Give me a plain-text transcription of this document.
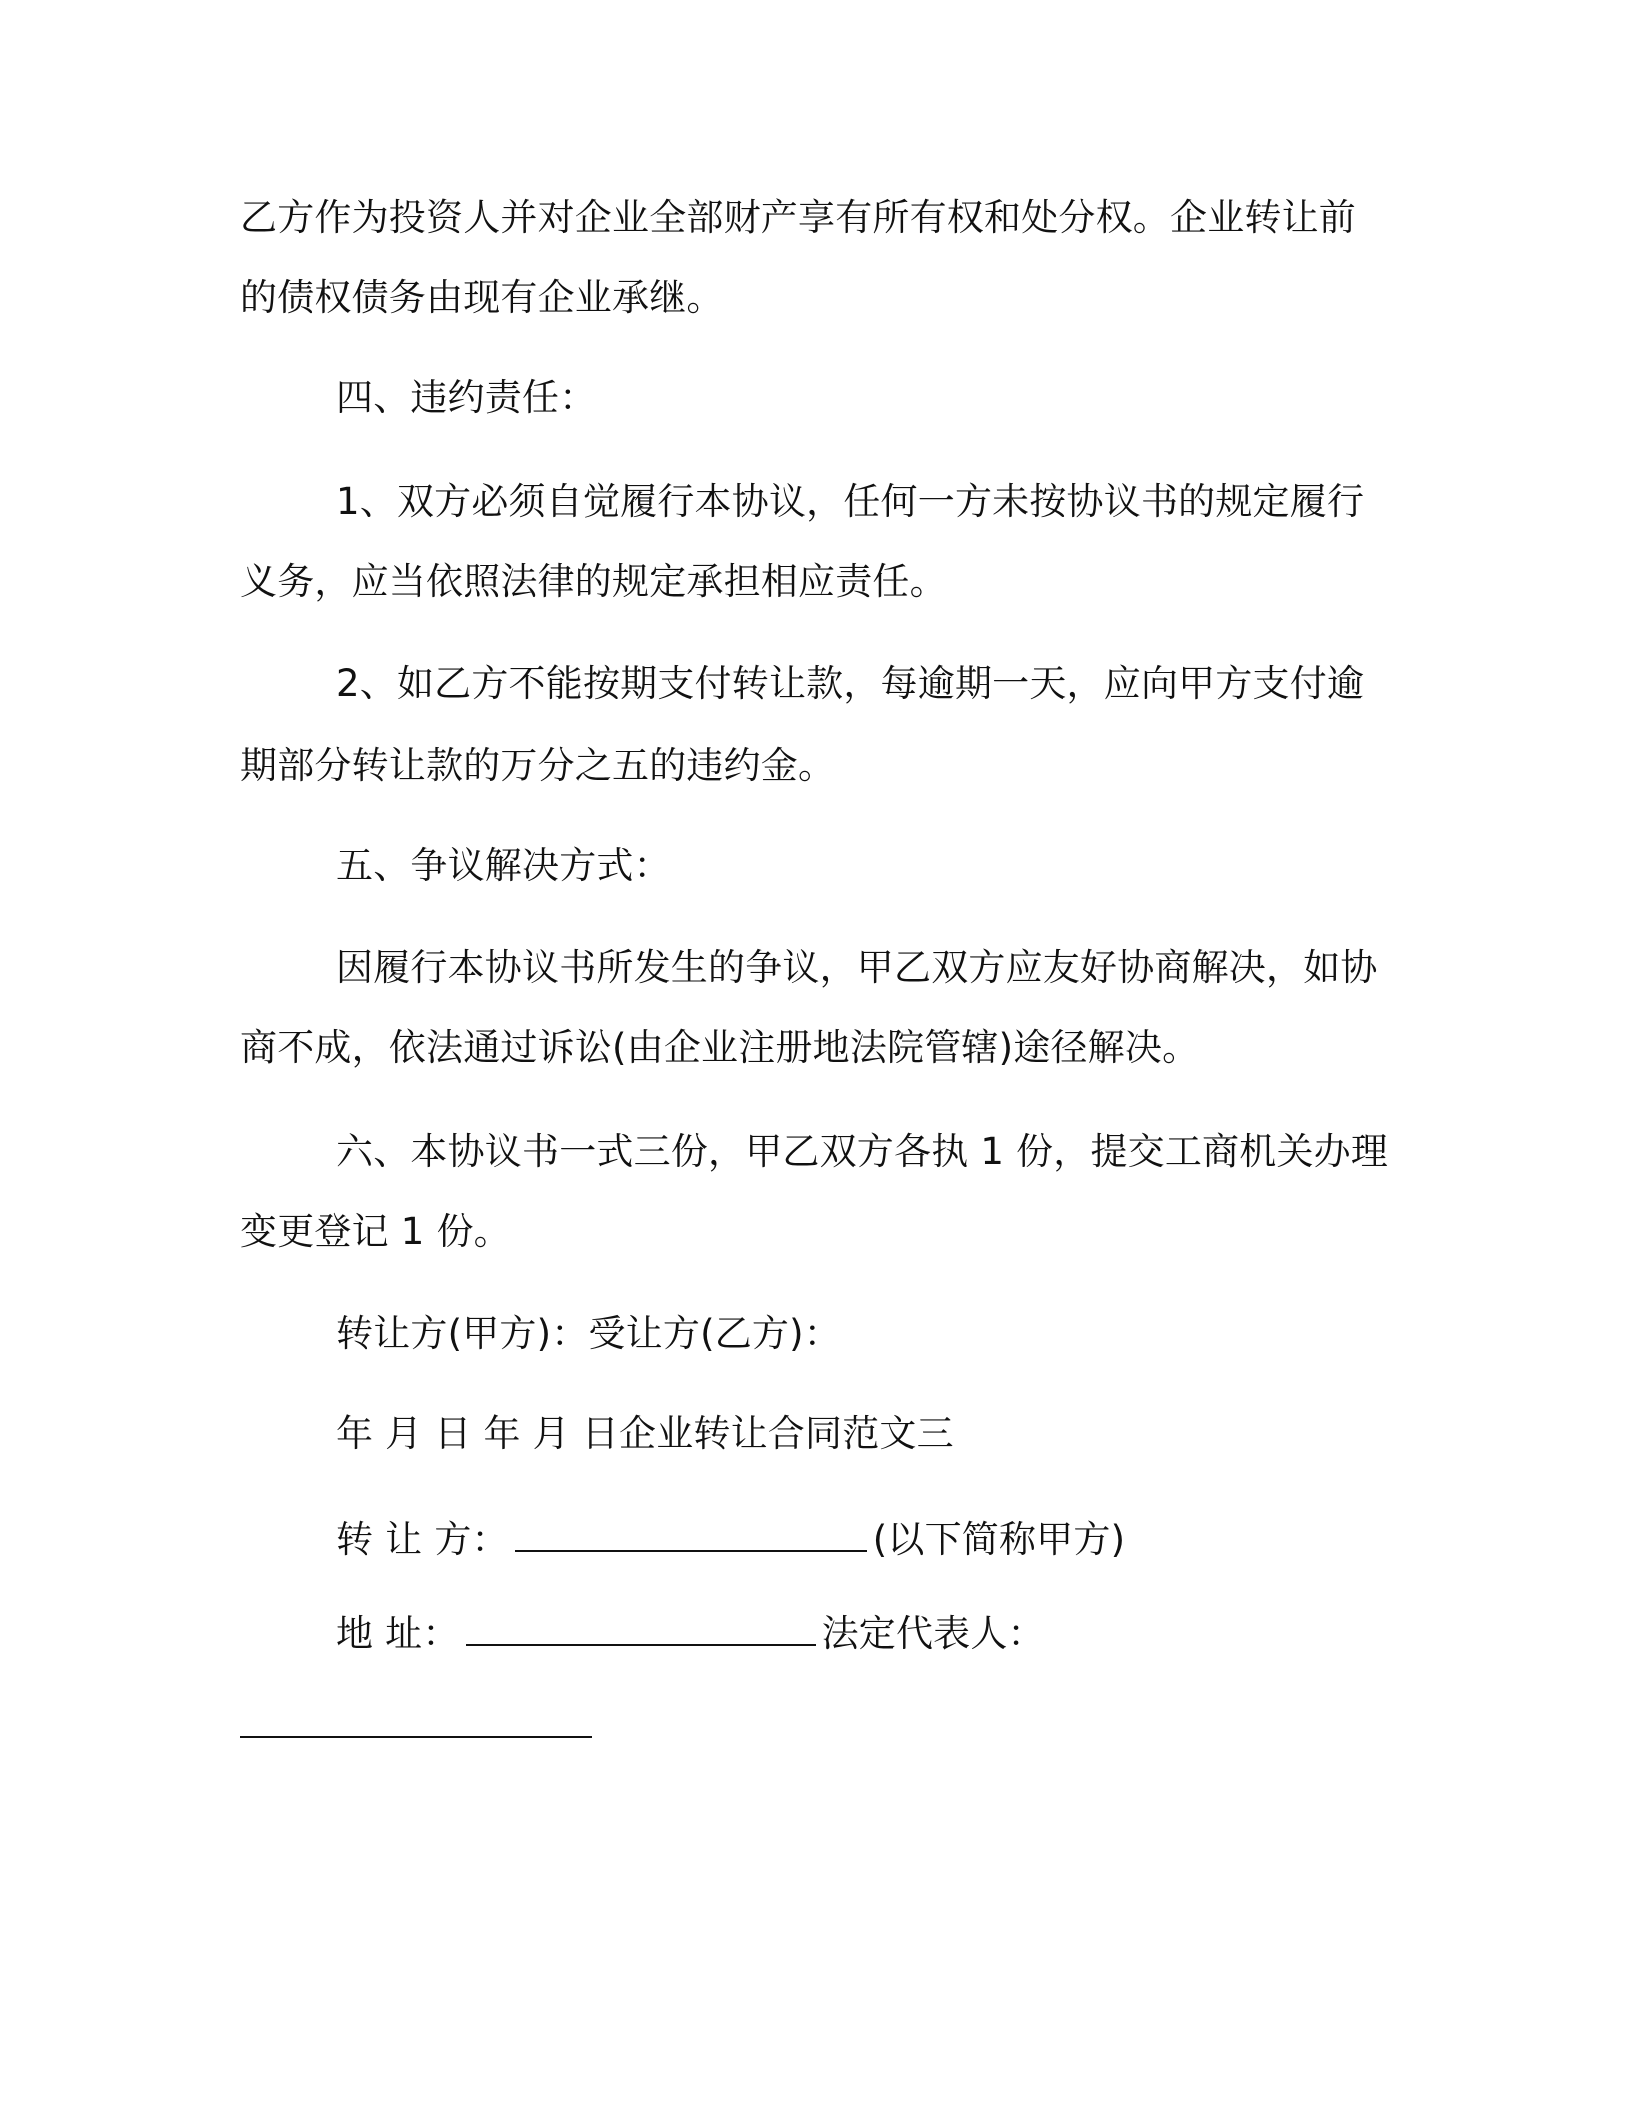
乙方作为投资人并对企业全部财产享有所有权和处分权。企业转让前
的债权债务由现有企业承继。
四、违约责任：
1、双方必须自觉履行本协议，任何一方未按协议书的规定履行
义务，应当依照法律的规定承担相应责任。
2、如乙方不能按期支付转让款，每逾期一天，应向甲方支付逾
期部分转让款的万分之五的违约金。
五、争议解决方式：
因履行本协议书所发生的争议，甲乙双方应友好协商解决，如协
商不成，依法通过诉讼(由企业注册地法院管辖)途径解决。
六、本协议书一式三份，甲乙双方各执 1 份，提交工商机关办理
变更登记 1 份。
转让方(甲方)：受让方(乙方)：
年 月 日 年 月 日企业转让合同范文三
转 让 方：	(以下简称甲方)
地 址：	法定代表人：
